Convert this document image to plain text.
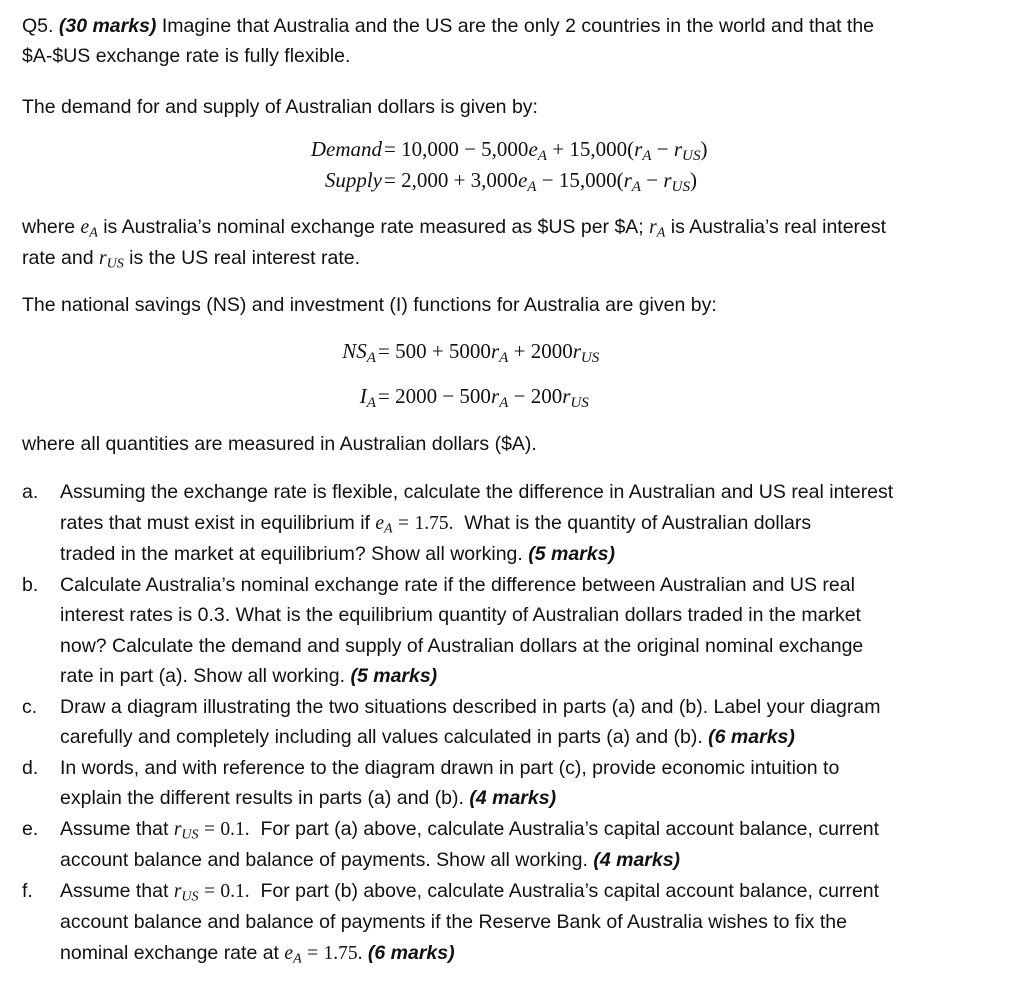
Q5. (30 marks) Imagine that Australia and the US are the only 2 countries in the world and that the
$A-$US exchange rate is fully flexible.
The demand for and supply of Australian dollars is given by:
Demand = $10,000 - 5,000e_A + 15,000(r_A - r_{US})$
Supply = $2,000 + 3,000e_A - 15,000(r_A - r_{US})$
where $e_A$ is Australia’s nominal exchange rate measured as $US per $A; $r_A$ is Australia’s real interest
rate and $r_{US}$ is the US real interest rate.
The national savings (NS) and investment (I) functions for Australia are given by:
$NS_A = 500 + 5000r_A + 2000r_{US}$
$I_A = 2000 - 500r_A - 200r_{US}$
where all quantities are measured in Australian dollars ($A).
a. Assuming the exchange rate is flexible, calculate the difference in Australian and US real interest
rates that must exist in equilibrium if $e_A = 1.75$. What is the quantity of Australian dollars
traded in the market at equilibrium? Show all working. (5 marks)
b. Calculate Australia’s nominal exchange rate if the difference between Australian and US real
interest rates is 0.3. What is the equilibrium quantity of Australian dollars traded in the market
now? Calculate the demand and supply of Australian dollars at the original nominal exchange
rate in part (a). Show all working. (5 marks)
c. Draw a diagram illustrating the two situations described in parts (a) and (b). Label your diagram
carefully and completely including all values calculated in parts (a) and (b). (6 marks)
d. In words, and with reference to the diagram drawn in part (c), provide economic intuition to
explain the different results in parts (a) and (b). (4 marks)
e. Assume that $r_{US} = 0.1$. For part (a) above, calculate Australia’s capital account balance, current
account balance and balance of payments. Show all working. (4 marks)
f. Assume that $r_{US} = 0.1$. For part (b) above, calculate Australia’s capital account balance, current
account balance and balance of payments if the Reserve Bank of Australia wishes to fix the
nominal exchange rate at $e_A = 1.75$. (6 marks)
